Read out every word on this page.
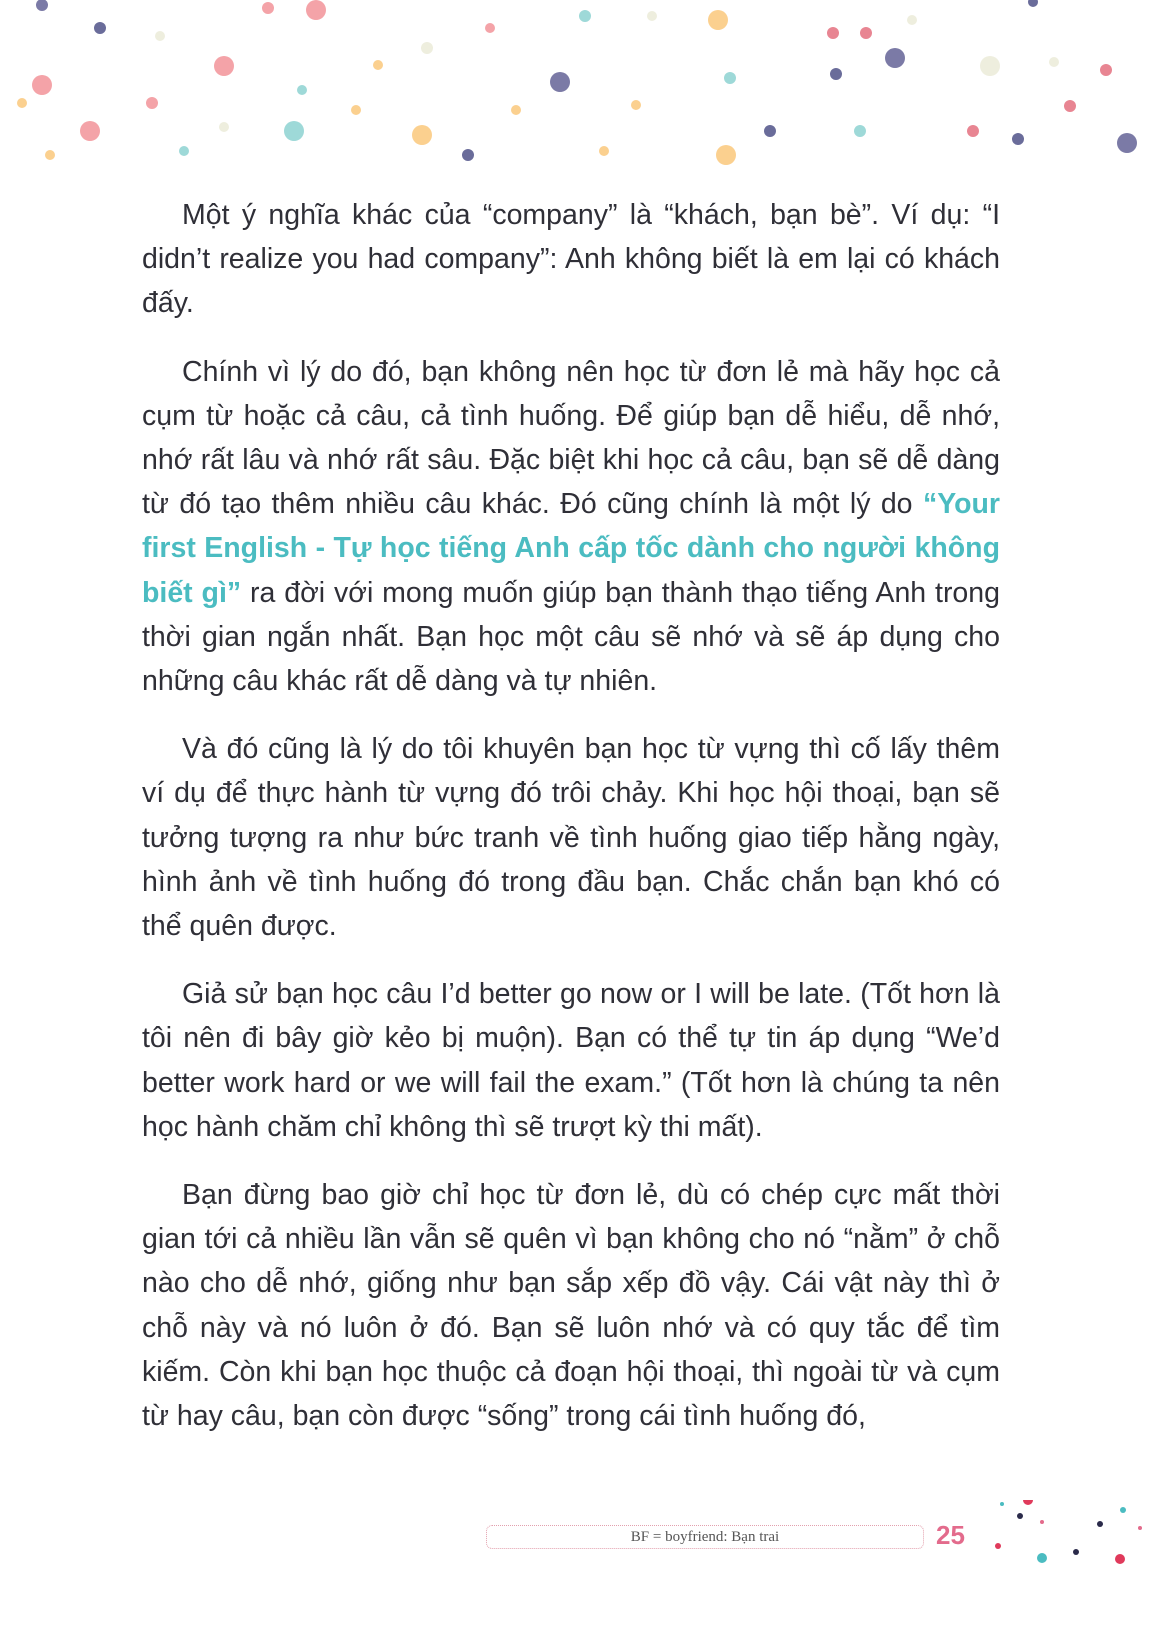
Một ý nghĩa khác của “company” là “khách, bạn bè”. Ví dụ: “I didn’t realize you had company”: Anh không biết là em lại có khách đấy.

Chính vì lý do đó, bạn không nên học từ đơn lẻ mà hãy học cả cụm từ hoặc cả câu, cả tình huống. Để giúp bạn dễ hiểu, dễ nhớ, nhớ rất lâu và nhớ rất sâu. Đặc biệt khi học cả câu, bạn sẽ dễ dàng từ đó tạo thêm nhiều câu khác. Đó cũng chính là một lý do “Your first English - Tự học tiếng Anh cấp tốc dành cho người không biết gì” ra đời với mong muốn giúp bạn thành thạo tiếng Anh trong thời gian ngắn nhất. Bạn học một câu sẽ nhớ và sẽ áp dụng cho những câu khác rất dễ dàng và tự nhiên.

Và đó cũng là lý do tôi khuyên bạn học từ vựng thì cố lấy thêm ví dụ để thực hành từ vựng đó trôi chảy. Khi học hội thoại, bạn sẽ tưởng tượng ra như bức tranh về tình huống giao tiếp hằng ngày, hình ảnh về tình huống đó trong đầu bạn. Chắc chắn bạn khó có thể quên được.

Giả sử bạn học câu I’d better go now or I will be late. (Tốt hơn là tôi nên đi bây giờ kẻo bị muộn). Bạn có thể tự tin áp dụng “We’d better work hard or we will fail the exam.” (Tốt hơn là chúng ta nên học hành chăm chỉ không thì sẽ trượt kỳ thi mất).

Bạn đừng bao giờ chỉ học từ đơn lẻ, dù có chép cực mất thời gian tới cả nhiều lần vẫn sẽ quên vì bạn không cho nó “nằm” ở chỗ nào cho dễ nhớ, giống như bạn sắp xếp đồ vậy. Cái vật này thì ở chỗ này và nó luôn ở đó. Bạn sẽ luôn nhớ và có quy tắc để tìm kiếm. Còn khi bạn học thuộc cả đoạn hội thoại, thì ngoài từ và cụm từ hay câu, bạn còn được “sống” trong cái tình huống đó,

BF = boyfriend: Bạn trai	25
